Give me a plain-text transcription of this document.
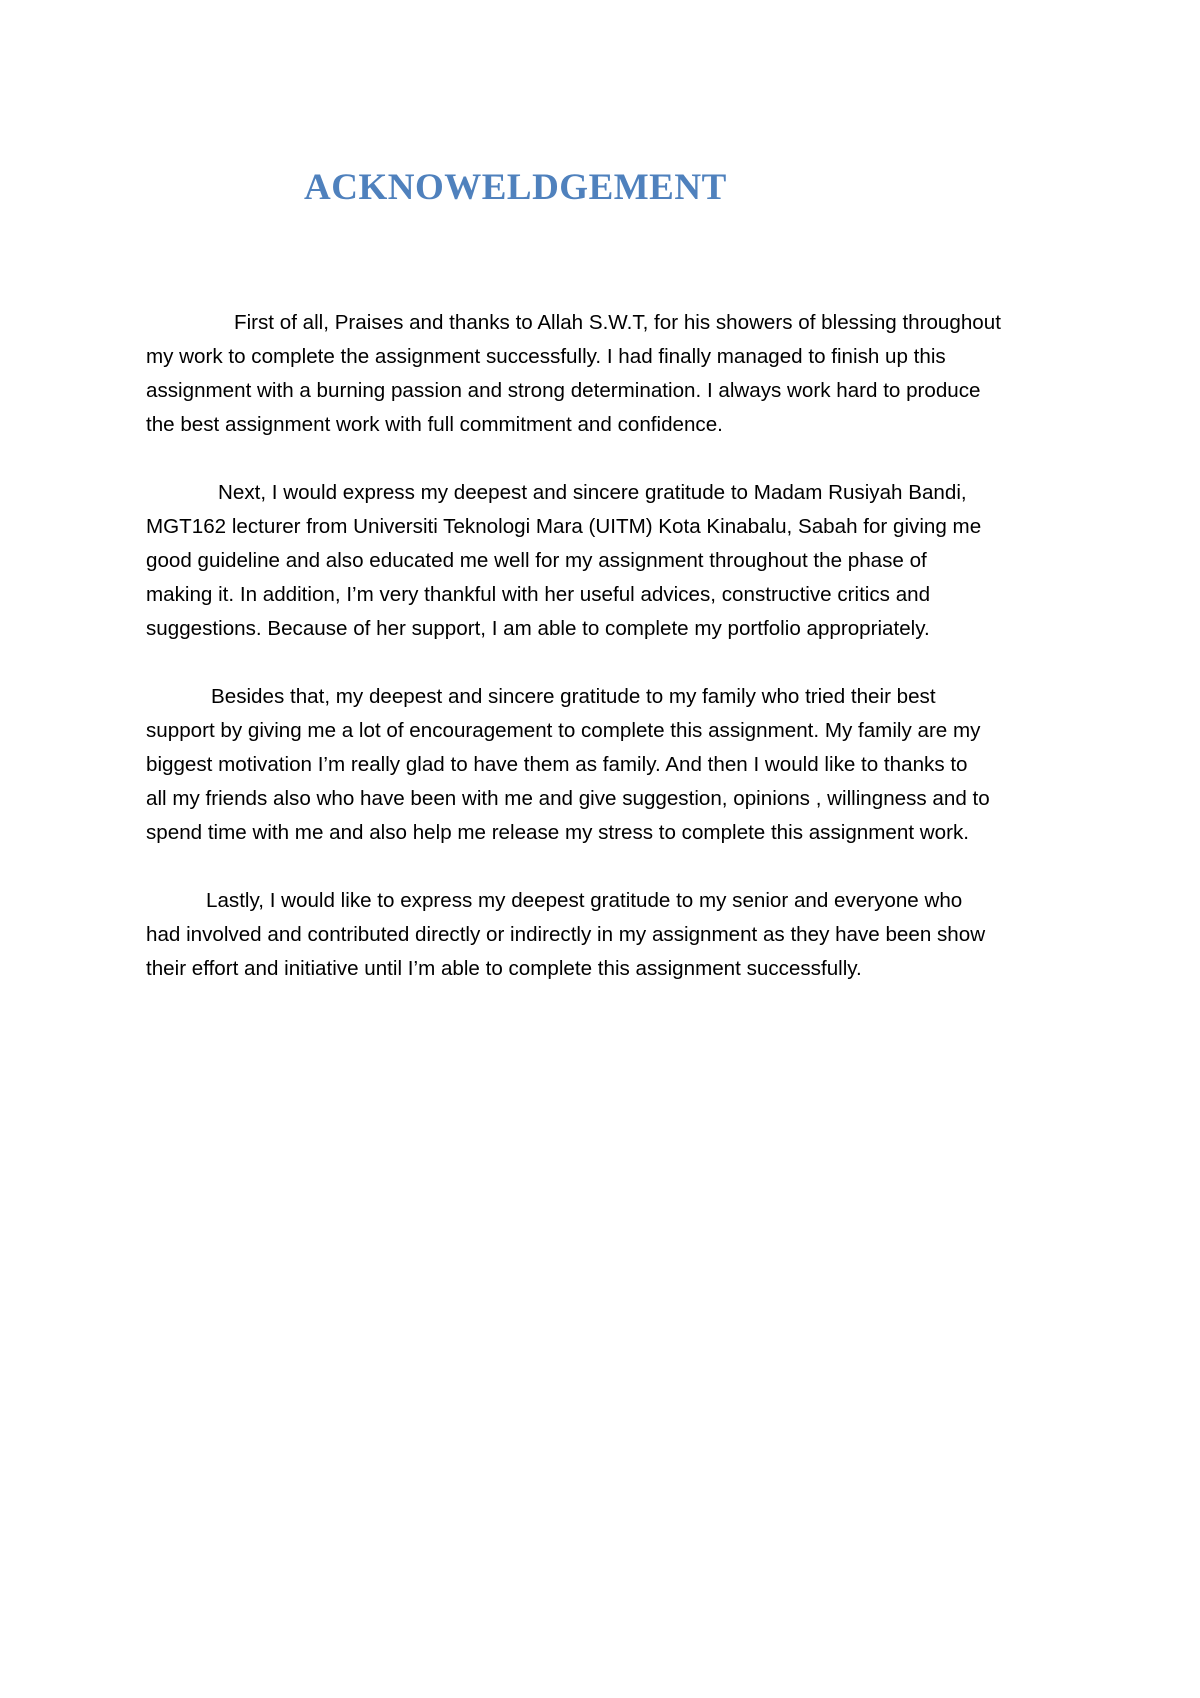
ACKNOWELDGEMENT

First of all, Praises and thanks to Allah S.W.T, for his showers of blessing throughout
my work to complete the assignment successfully. I had finally managed to finish up this
assignment with a burning passion and strong determination. I always work hard to produce
the best assignment work with full commitment and confidence.

Next, I would express my deepest and sincere gratitude to Madam Rusiyah Bandi,
MGT162 lecturer from Universiti Teknologi Mara (UITM) Kota Kinabalu, Sabah for giving me
good guideline and also educated me well for my assignment throughout the phase of
making it. In addition, I’m very thankful with her useful advices, constructive critics and
suggestions. Because of her support, I am able to complete my portfolio appropriately.

Besides that, my deepest and sincere gratitude to my family who tried their best
support by giving me a lot of encouragement to complete this assignment. My family are my
biggest motivation I’m really glad to have them as family. And then I would like to thanks to
all my friends also who have been with me and give suggestion, opinions , willingness and to
spend time with me and also help me release my stress to complete this assignment work.

Lastly, I would like to express my deepest gratitude to my senior and everyone who
had involved and contributed directly or indirectly in my assignment as they have been show
their effort and initiative until I’m able to complete this assignment successfully.
